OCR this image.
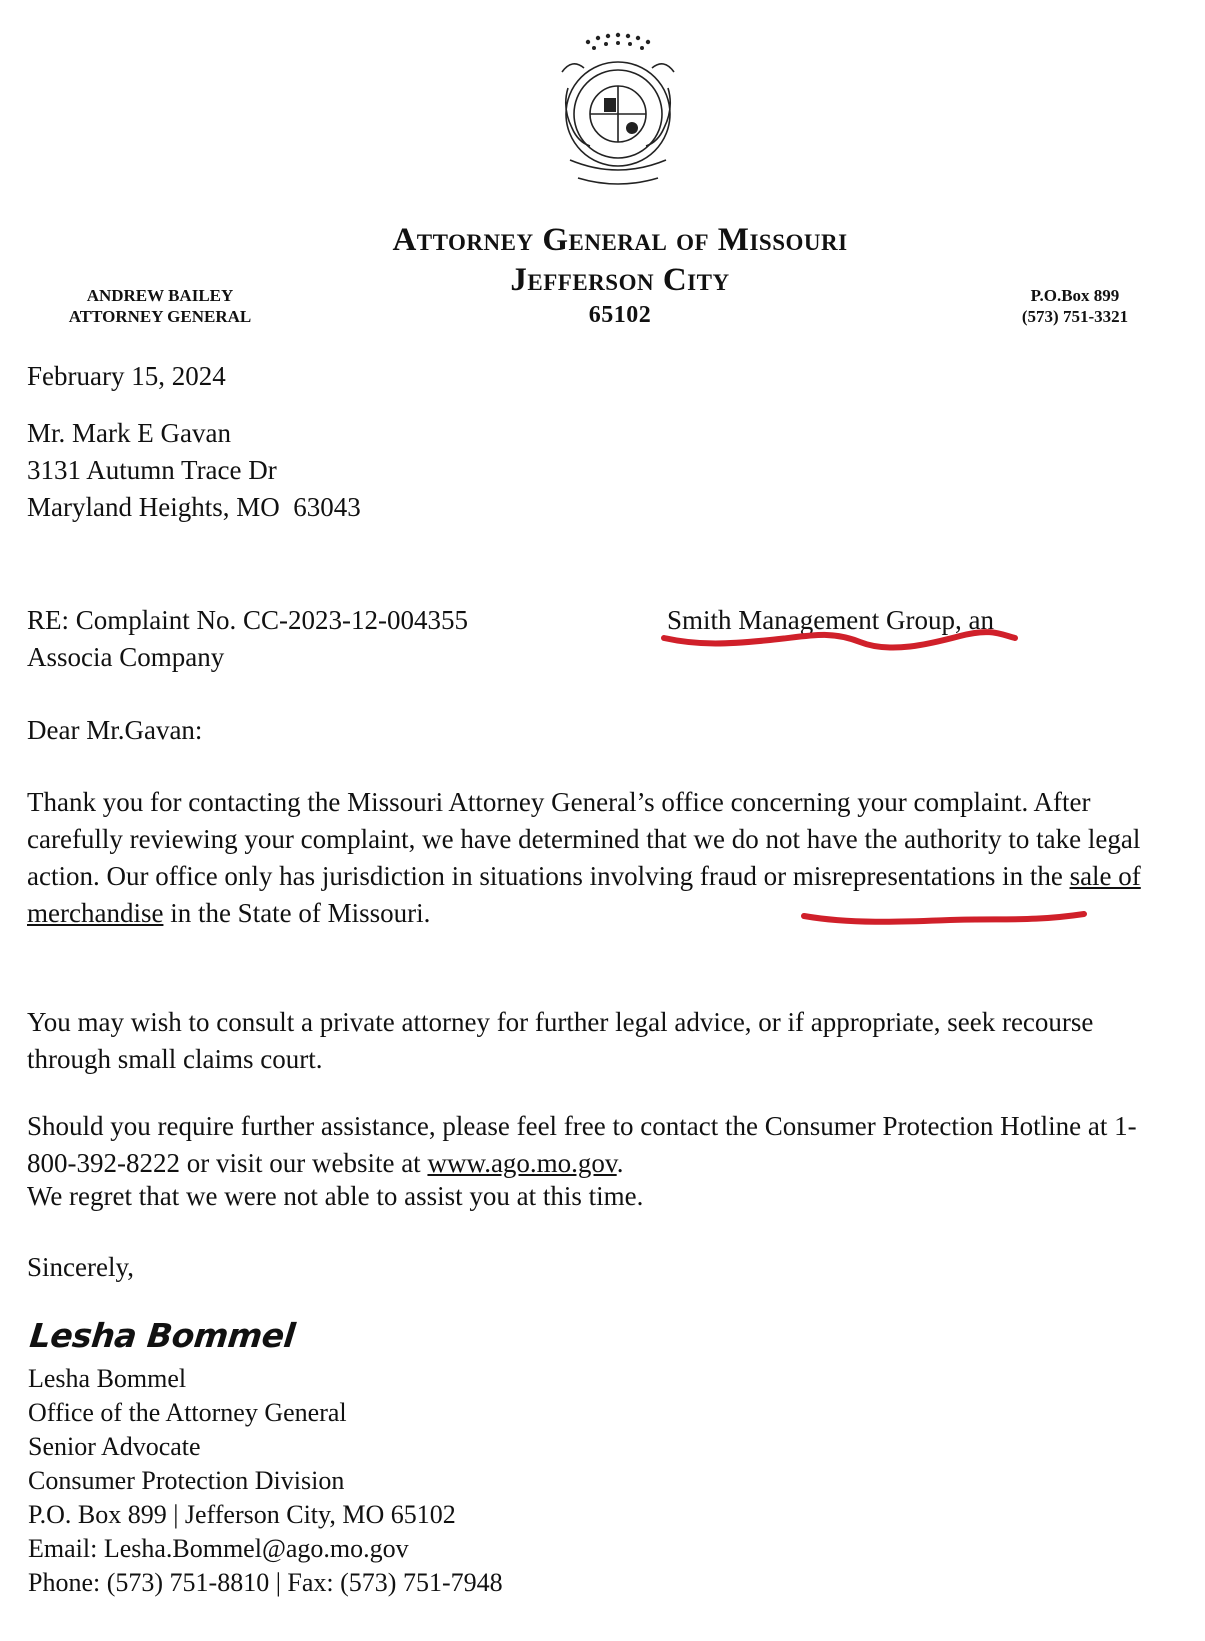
Attorney General of Missouri
Jefferson City
65102
ANDREW BAILEY
ATTORNEY GENERAL
P.O.Box 899
(573) 751-3321
February 15, 2024
Mr. Mark E Gavan
3131 Autumn Trace Dr
Maryland Heights, MO  63043
RE: Complaint No. CC-2023-12-004355	Smith Management Group, an
Associa Company
Dear Mr.Gavan:
Thank you for contacting the Missouri Attorney General’s office concerning your complaint. After carefully reviewing your complaint, we have determined that we do not have the authority to take legal action. Our office only has jurisdiction in situations involving fraud or misrepresentations in the sale of merchandise in the State of Missouri.
You may wish to consult a private attorney for further legal advice, or if appropriate, seek recourse through small claims court.
Should you require further assistance, please feel free to contact the Consumer Protection Hotline at 1-800-392-8222 or visit our website at www.ago.mo.gov.
We regret that we were not able to assist you at this time.
Sincerely,
Lesha Bommel
Lesha Bommel
Office of the Attorney General
Senior Advocate
Consumer Protection Division
P.O. Box 899 | Jefferson City, MO 65102
Email: Lesha.Bommel@ago.mo.gov
Phone: (573) 751-8810 | Fax: (573) 751-7948
